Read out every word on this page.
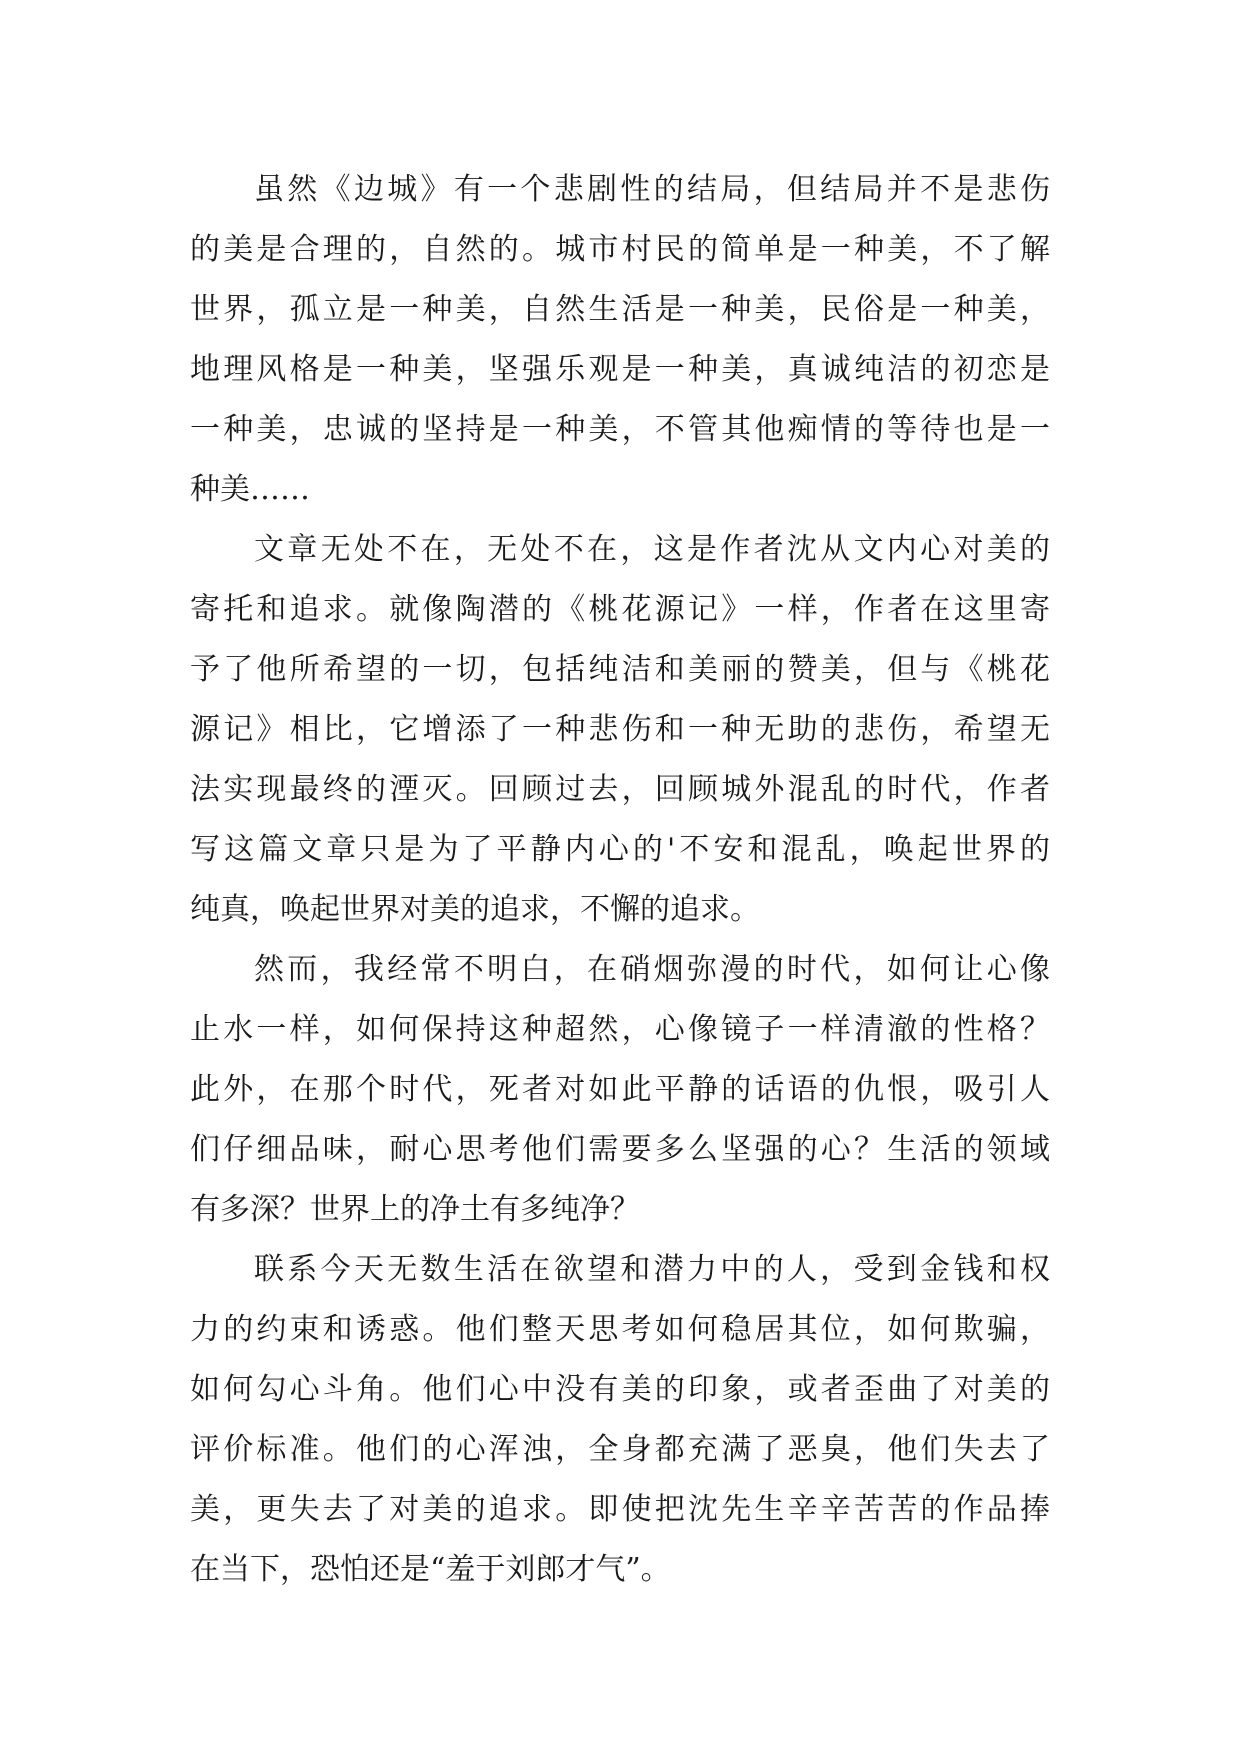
虽然《边城》有一个悲剧性的结局，但结局并不是悲伤
的美是合理的，自然的。城市村民的简单是一种美，不了解
世界，孤立是一种美，自然生活是一种美，民俗是一种美，
地理风格是一种美，坚强乐观是一种美，真诚纯洁的初恋是
一种美，忠诚的坚持是一种美，不管其他痴情的等待也是一
种美……
文章无处不在，无处不在，这是作者沈从文内心对美的
寄托和追求。就像陶潜的《桃花源记》一样，作者在这里寄
予了他所希望的一切，包括纯洁和美丽的赞美，但与《桃花
源记》相比，它增添了一种悲伤和一种无助的悲伤，希望无
法实现最终的湮灭。回顾过去，回顾城外混乱的时代，作者
写这篇文章只是为了平静内心的'不安和混乱，唤起世界的
纯真，唤起世界对美的追求，不懈的追求。
然而，我经常不明白，在硝烟弥漫的时代，如何让心像
止水一样，如何保持这种超然，心像镜子一样清澈的性格？
此外，在那个时代，死者对如此平静的话语的仇恨，吸引人
们仔细品味，耐心思考他们需要多么坚强的心？生活的领域
有多深？世界上的净土有多纯净？
联系今天无数生活在欲望和潜力中的人，受到金钱和权
力的约束和诱惑。他们整天思考如何稳居其位，如何欺骗，
如何勾心斗角。他们心中没有美的印象，或者歪曲了对美的
评价标准。他们的心浑浊，全身都充满了恶臭，他们失去了
美，更失去了对美的追求。即使把沈先生辛辛苦苦的作品捧
在当下，恐怕还是“羞于刘郎才气”。
